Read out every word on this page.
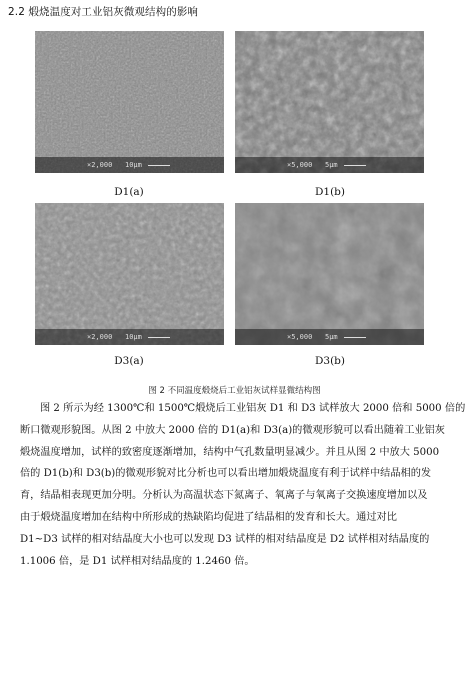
2.2 煅烧温度对工业铝灰微观结构的影响
×2,000 10μm	×5,000 5μm
D1(a)	D1(b)
×2,000 10μm	×5,000 5μm
D3(a)	D3(b)
图 2 不同温度煅烧后工业铝灰试样显微结构图
图 2 所示为经 1300℃和 1500℃煅烧后工业铝灰 D1 和 D3 试样放大 2000 倍和 5000 倍的
断口微观形貌图。从图 2 中放大 2000 倍的 D1(a)和 D3(a)的微观形貌可以看出随着工业铝灰
煅烧温度增加，试样的致密度逐渐增加，结构中气孔数量明显减少。并且从图 2 中放大 5000
倍的 D1(b)和 D3(b)的微观形貌对比分析也可以看出增加煅烧温度有利于试样中结晶相的发
育，结晶相表现更加分明。分析认为高温状态下氮离子、氧离子与氧离子交换速度增加以及
由于煅烧温度增加在结构中所形成的热缺陷均促进了结晶相的发育和长大。通过对比
D1~D3 试样的相对结晶度大小也可以发现 D3 试样的相对结晶度是 D2 试样相对结晶度的
1.1006 倍，是 D1 试样相对结晶度的 1.2460 倍。
